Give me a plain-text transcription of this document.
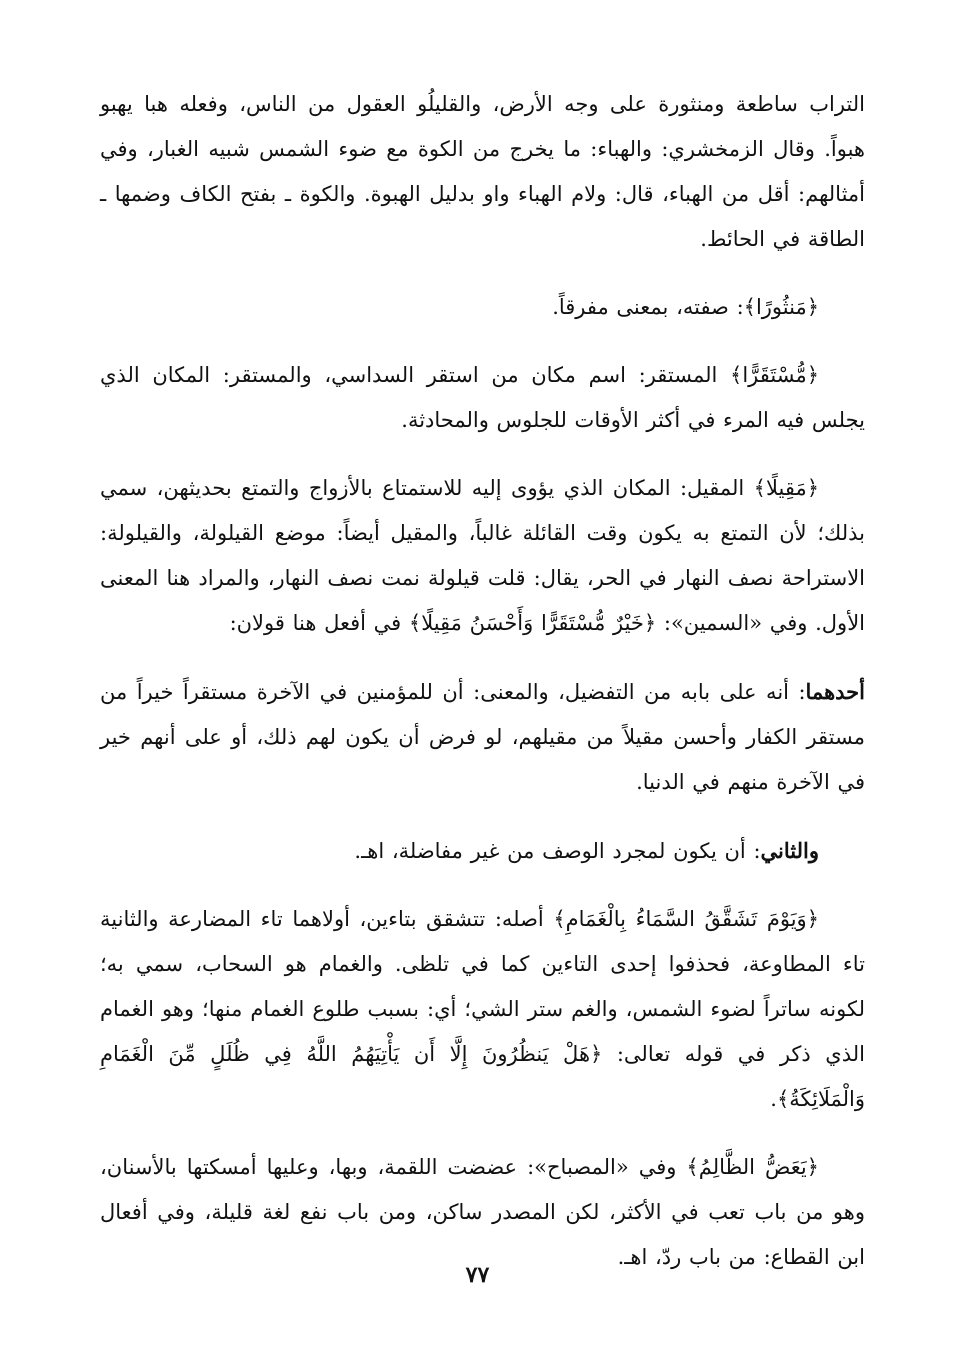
التراب ساطعة ومنثورة على وجه الأرض، والقليلُو العقول من الناس، وفعله هبا يهبو هبواً. وقال الزمخشري: والهباء: ما يخرج من الكوة مع ضوء الشمس شبيه الغبار، وفي أمثالهم: أقل من الهباء، قال: ولام الهباء واو بدليل الهبوة. والكوة ـ بفتح الكاف وضمها ـ الطاقة في الحائط.

﴿مَنثُورًا﴾: صفته، بمعنى مفرقاً.

﴿مُّسْتَقَرًّا﴾ المستقر: اسم مكان من استقر السداسي، والمستقر: المكان الذي يجلس فيه المرء في أكثر الأوقات للجلوس والمحادثة.

﴿مَقِيلًا﴾ المقيل: المكان الذي يؤوى إليه للاستمتاع بالأزواج والتمتع بحديثهن، سمي بذلك؛ لأن التمتع به يكون وقت القائلة غالباً، والمقيل أيضاً: موضع القيلولة، والقيلولة: الاستراحة نصف النهار في الحر، يقال: قلت قيلولة نمت نصف النهار، والمراد هنا المعنى الأول. وفي «السمين»: ﴿خَيْرٌ مُّسْتَقَرًّا وَأَحْسَنُ مَقِيلًا﴾ في أفعل هنا قولان:

أحدهما: أنه على بابه من التفضيل، والمعنى: أن للمؤمنين في الآخرة مستقراً خيراً من مستقر الكفار وأحسن مقيلاً من مقيلهم، لو فرض أن يكون لهم ذلك، أو على أنهم خير في الآخرة منهم في الدنيا.

والثاني: أن يكون لمجرد الوصف من غير مفاضلة، اهـ.

﴿وَيَوْمَ تَشَقَّقُ السَّمَاءُ بِالْغَمَامِ﴾ أصله: تتشقق بتاءين، أولاهما تاء المضارعة والثانية تاء المطاوعة، فحذفوا إحدى التاءين كما في تلظى. والغمام هو السحاب، سمي به؛ لكونه ساتراً لضوء الشمس، والغم ستر الشي؛ أي: بسبب طلوع الغمام منها؛ وهو الغمام الذي ذكر في قوله تعالى: ﴿هَلْ يَنظُرُونَ إِلَّا أَن يَأْتِيَهُمُ اللَّهُ فِي ظُلَلٍ مِّنَ الْغَمَامِ وَالْمَلَائِكَةُ﴾.

﴿يَعَضُّ الظَّالِمُ﴾ وفي «المصباح»: عضضت اللقمة، وبها، وعليها أمسكتها بالأسنان، وهو من باب تعب في الأكثر، لكن المصدر ساكن، ومن باب نفع لغة قليلة، وفي أفعال ابن القطاع: من باب ردّ، اهـ.

٧٧
